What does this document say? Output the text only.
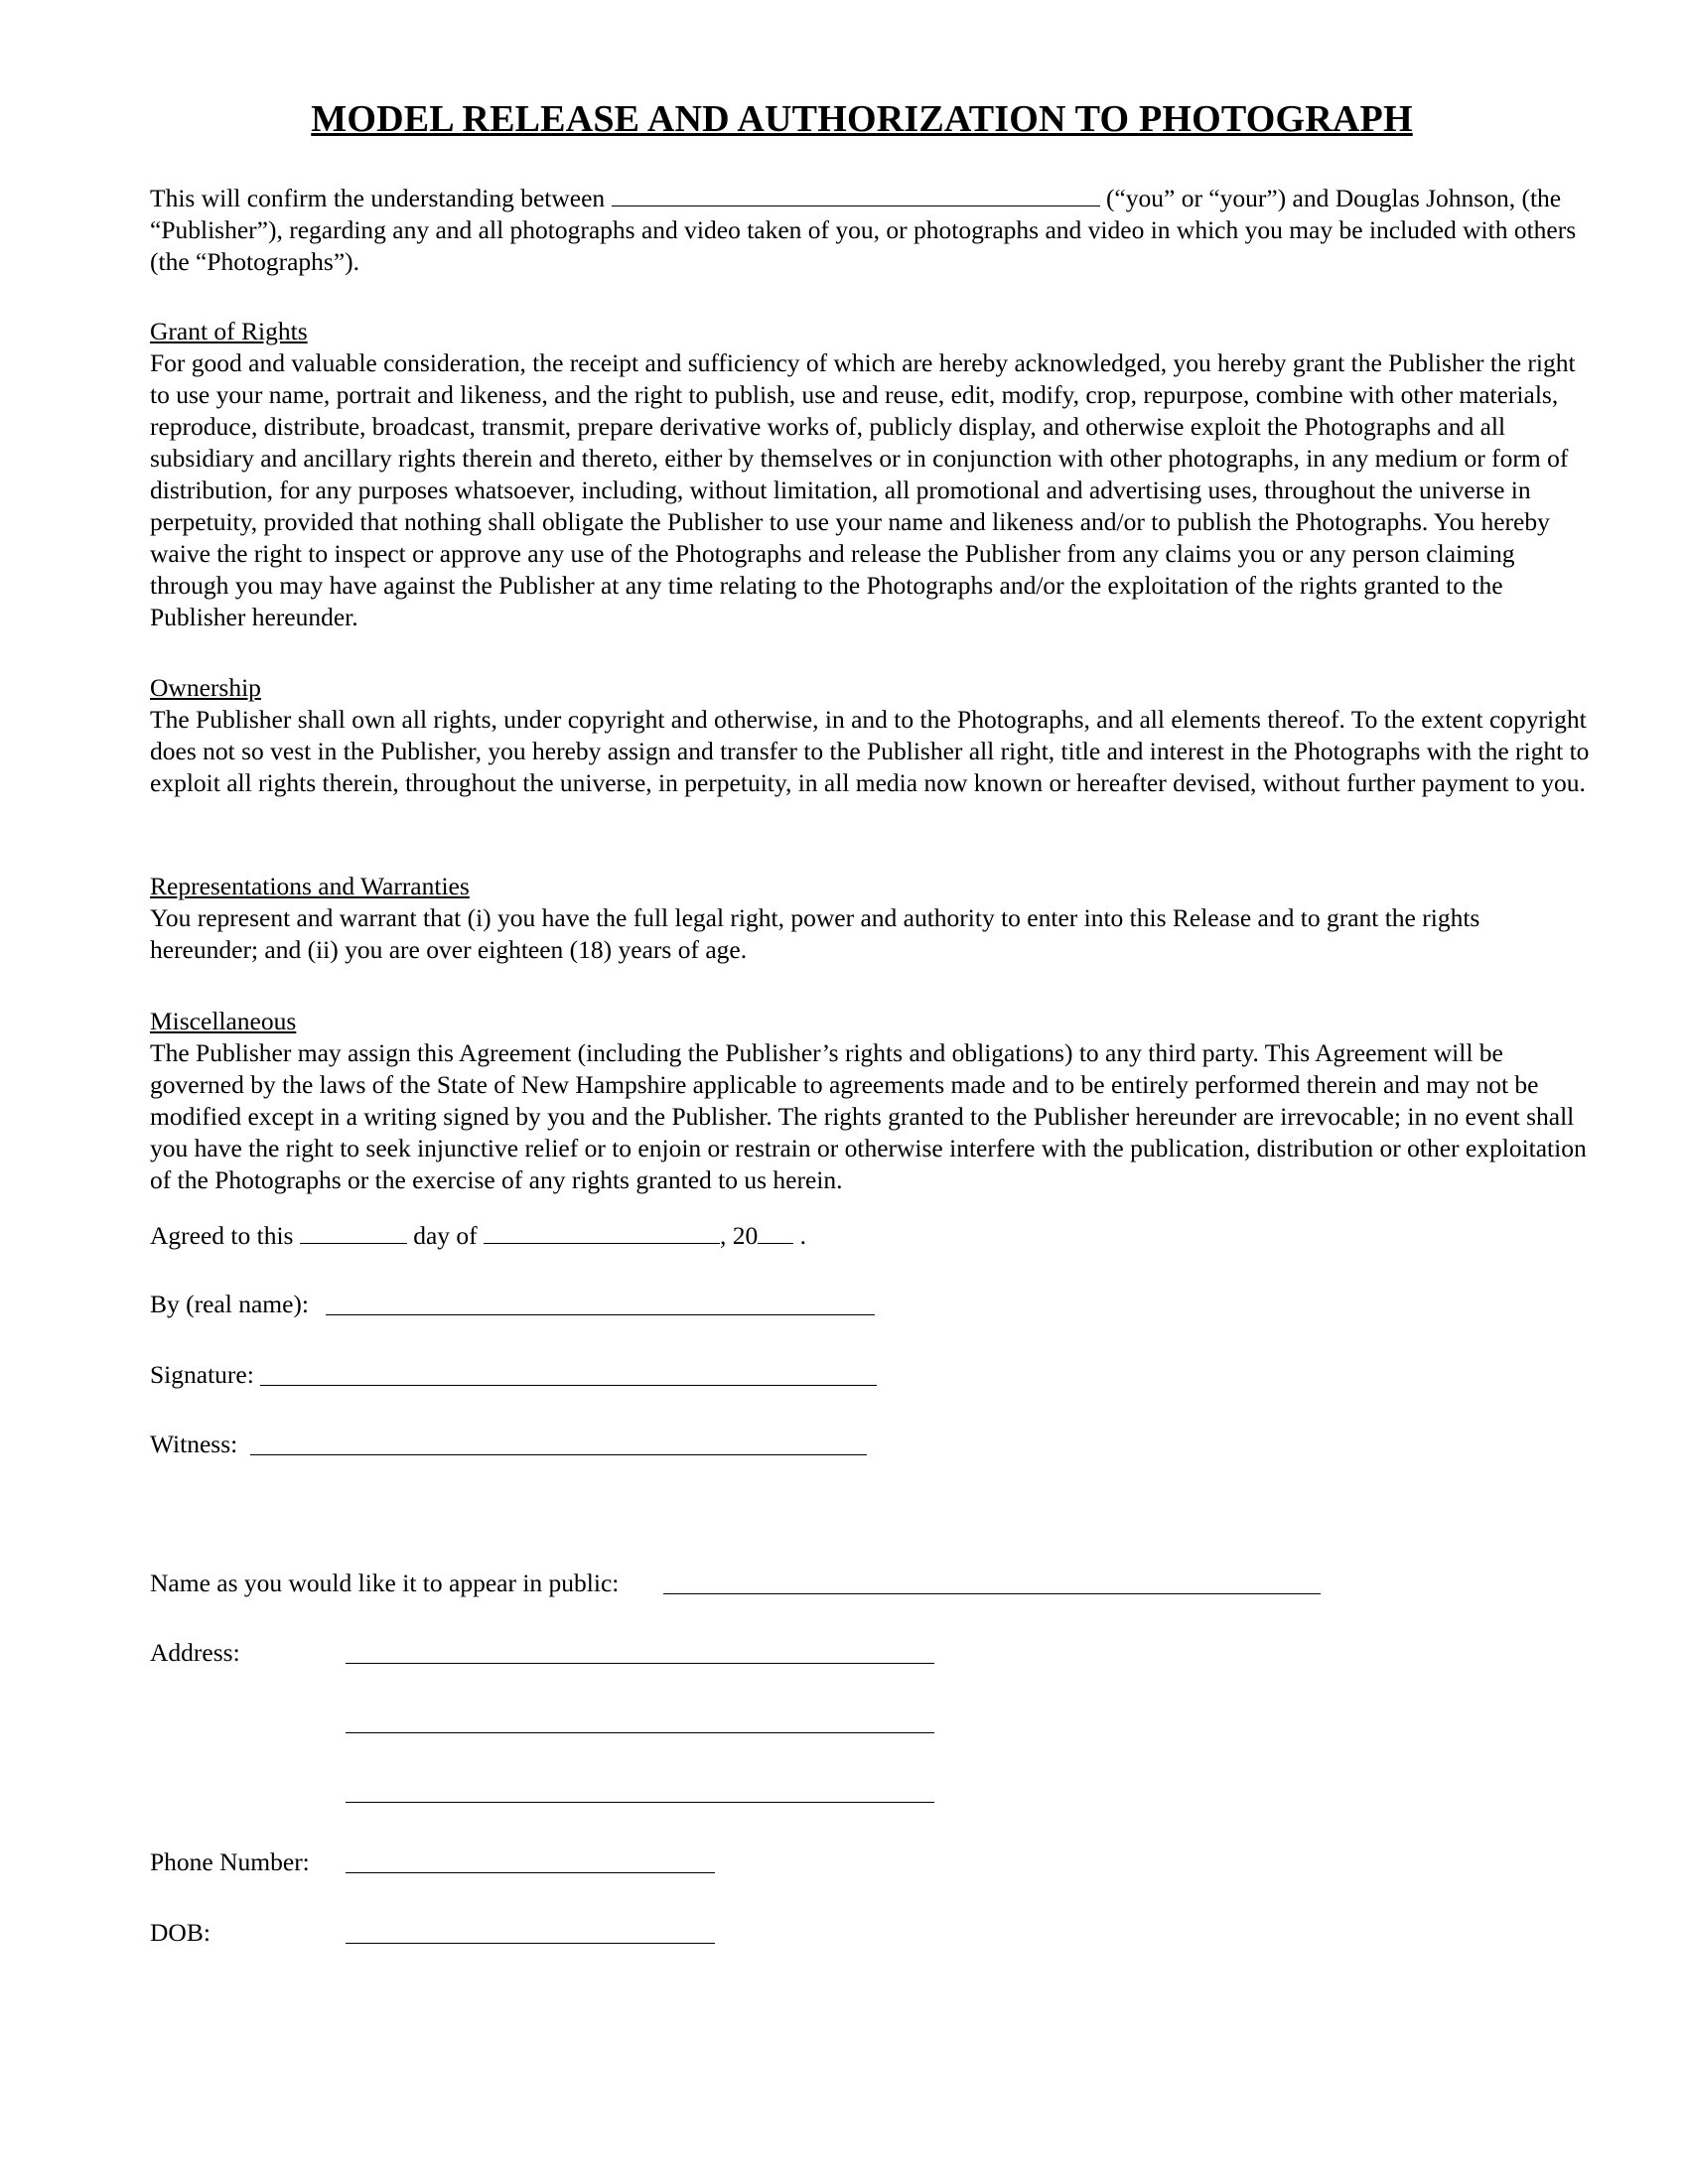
MODEL RELEASE AND AUTHORIZATION TO PHOTOGRAPH
This will confirm the understanding between	(“you” or “your”) and Douglas Johnson, (the “Publisher”), regarding any and all photographs and video taken of you, or photographs and video in which you may be included with others (the “Photographs”).
Grant of Rights
For good and valuable consideration, the receipt and sufficiency of which are hereby acknowledged, you hereby grant the Publisher the right to use your name, portrait and likeness, and the right to publish, use and reuse, edit, modify, crop, repurpose, combine with other materials, reproduce, distribute, broadcast, transmit, prepare derivative works of, publicly display, and otherwise exploit the Photographs and all subsidiary and ancillary rights therein and thereto, either by themselves or in conjunction with other photographs, in any medium or form of distribution, for any purposes whatsoever, including, without limitation, all promotional and advertising uses, throughout the universe in perpetuity, provided that nothing shall obligate the Publisher to use your name and likeness and/or to publish the Photographs. You hereby waive the right to inspect or approve any use of the Photographs and release the Publisher from any claims you or any person claiming through you may have against the Publisher at any time relating to the Photographs and/or the exploitation of the rights granted to the Publisher hereunder.
Ownership
The Publisher shall own all rights, under copyright and otherwise, in and to the Photographs, and all elements thereof. To the extent copyright does not so vest in the Publisher, you hereby assign and transfer to the Publisher all right, title and interest in the Photographs with the right to exploit all rights therein, throughout the universe, in perpetuity, in all media now known or hereafter devised, without further payment to you.
Representations and Warranties
You represent and warrant that (i) you have the full legal right, power and authority to enter into this Release and to grant the rights hereunder; and (ii) you are over eighteen (18) years of age.
Miscellaneous
The Publisher may assign this Agreement (including the Publisher’s rights and obligations) to any third party. This Agreement will be governed by the laws of the State of New Hampshire applicable to agreements made and to be entirely performed therein and may not be modified except in a writing signed by you and the Publisher. The rights granted to the Publisher hereunder are irrevocable; in no event shall you have the right to seek injunctive relief or to enjoin or restrain or otherwise interfere with the publication, distribution or other exploitation of the Photographs or the exercise of any rights granted to us herein.
Agreed to this	day of	, 20 .
By (real name):
Signature:
Witness:
Name as you would like it to appear in public:
Address:
Phone Number:
DOB:
